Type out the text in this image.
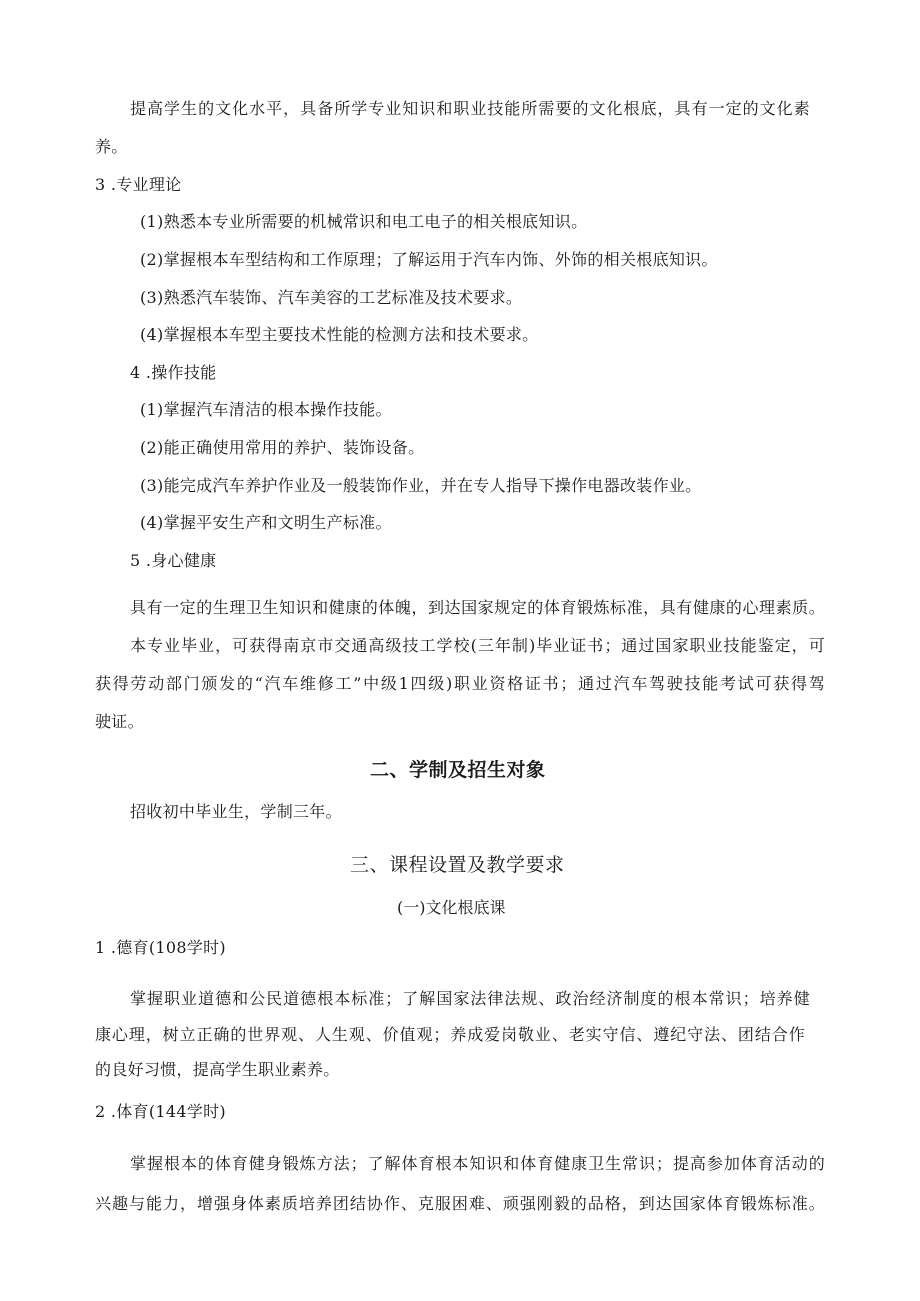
提高学生的文化水平，具备所学专业知识和职业技能所需要的文化根底，具有一定的文化素
养。
3 .专业理论
(1)熟悉本专业所需要的机械常识和电工电子的相关根底知识。
(2)掌握根本车型结构和工作原理；了解运用于汽车内饰、外饰的相关根底知识。
(3)熟悉汽车装饰、汽车美容的工艺标准及技术要求。
(4)掌握根本车型主要技术性能的检测方法和技术要求。
4 .操作技能
(1)掌握汽车清洁的根本操作技能。
(2)能正确使用常用的养护、装饰设备。
(3)能完成汽车养护作业及一般装饰作业，并在专人指导下操作电器改装作业。
(4)掌握平安生产和文明生产标准。
5 .身心健康
具有一定的生理卫生知识和健康的体魄，到达国家规定的体育锻炼标准，具有健康的心理素质。
本专业毕业，可获得南京市交通高级技工学校(三年制)毕业证书；通过国家职业技能鉴定，可
获得劳动部门颁发的“汽车维修工”中级1四级)职业资格证书；通过汽车驾驶技能考试可获得驾
驶证。
二、学制及招生对象
招收初中毕业生，学制三年。
三、课程设置及教学要求
(一)文化根底课
1 .德育(108学时)
掌握职业道德和公民道德根本标准；了解国家法律法规、政治经济制度的根本常识；培养健
康心理，树立正确的世界观、人生观、价值观；养成爱岗敬业、老实守信、遵纪守法、团结合作
的良好习惯，提高学生职业素养。
2 .体育(144学时)
掌握根本的体育健身锻炼方法；了解体育根本知识和体育健康卫生常识；提高参加体育活动的
兴趣与能力，增强身体素质培养团结协作、克服困难、顽强刚毅的品格，到达国家体育锻炼标准。
